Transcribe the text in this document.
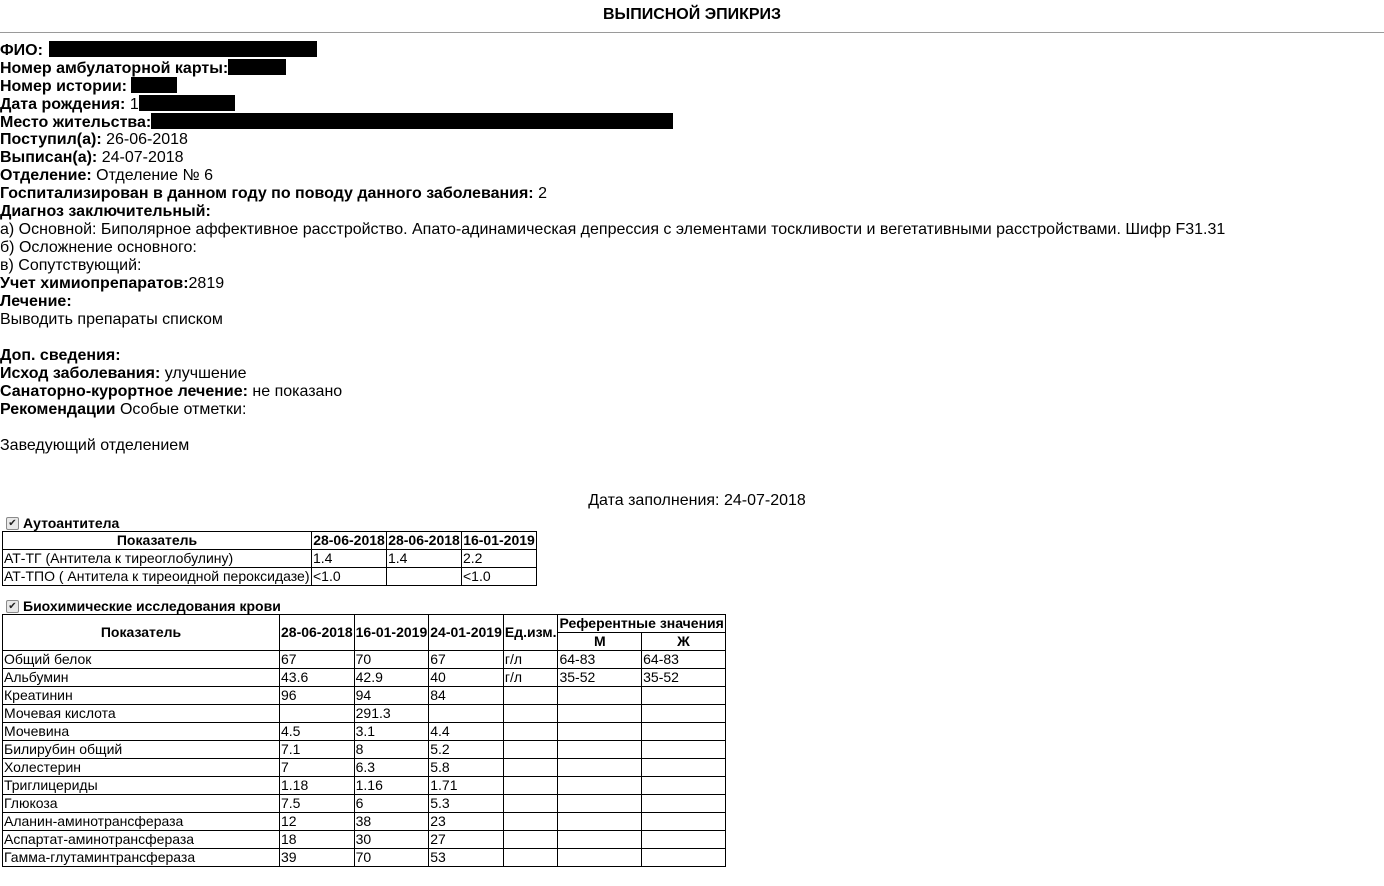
ВЫПИСНОЙ ЭПИКРИЗ
ФИО:
Номер амбулаторной карты:
Номер истории:
Дата рождения: 1
Место жительства:
Поступил(а): 26-06-2018
Выписан(а): 24-07-2018
Отделение: Отделение № 6
Госпитализирован в данном году по поводу данного заболевания: 2
Диагноз заключительный:
а) Основной: Биполярное аффективное расстройство. Апато-адинамическая депрессия с элементами тоскливости и вегетативными расстройствами. Шифр F31.31
б) Осложнение основного:
в) Сопутствующий:
Учет химиопрепаратов:2819
Лечение:
Выводить препараты списком
Доп. сведения:
Исход заболевания: улучшение
Санаторно-курортное лечение: не показано
Рекомендации Особые отметки:
Заведующий отделением
Дата заполнения: 24-07-2018
✔ Аутоантитела
Показатель	28-06-2018	28-06-2018	16-01-2019
АТ-ТГ (Антитела к тиреоглобулину)	1.4	1.4	2.2
АТ-ТПО ( Антитела к тиреоидной пероксидазе)	<1.0		<1.0
✔ Биохимические исследования крови
Показатель	28-06-2018	16-01-2019	24-01-2019	Ед.изм.	Референтные значения	
					М	Ж
Общий белок	67	70	67	г/л	64-83	64-83
Альбумин	43.6	42.9	40	г/л	35-52	35-52
Креатинин	96	94	84			
Мочевая кислота		291.3				
Мочевина	4.5	3.1	4.4			
Билирубин общий	7.1	8	5.2			
Холестерин	7	6.3	5.8			
Триглицериды	1.18	1.16	1.71			
Глюкоза	7.5	6	5.3			
Аланин-аминотрансфераза	12	38	23			
Аспартат-аминотрансфераза	18	30	27			
Гамма-глутаминтрансфераза	39	70	53			
